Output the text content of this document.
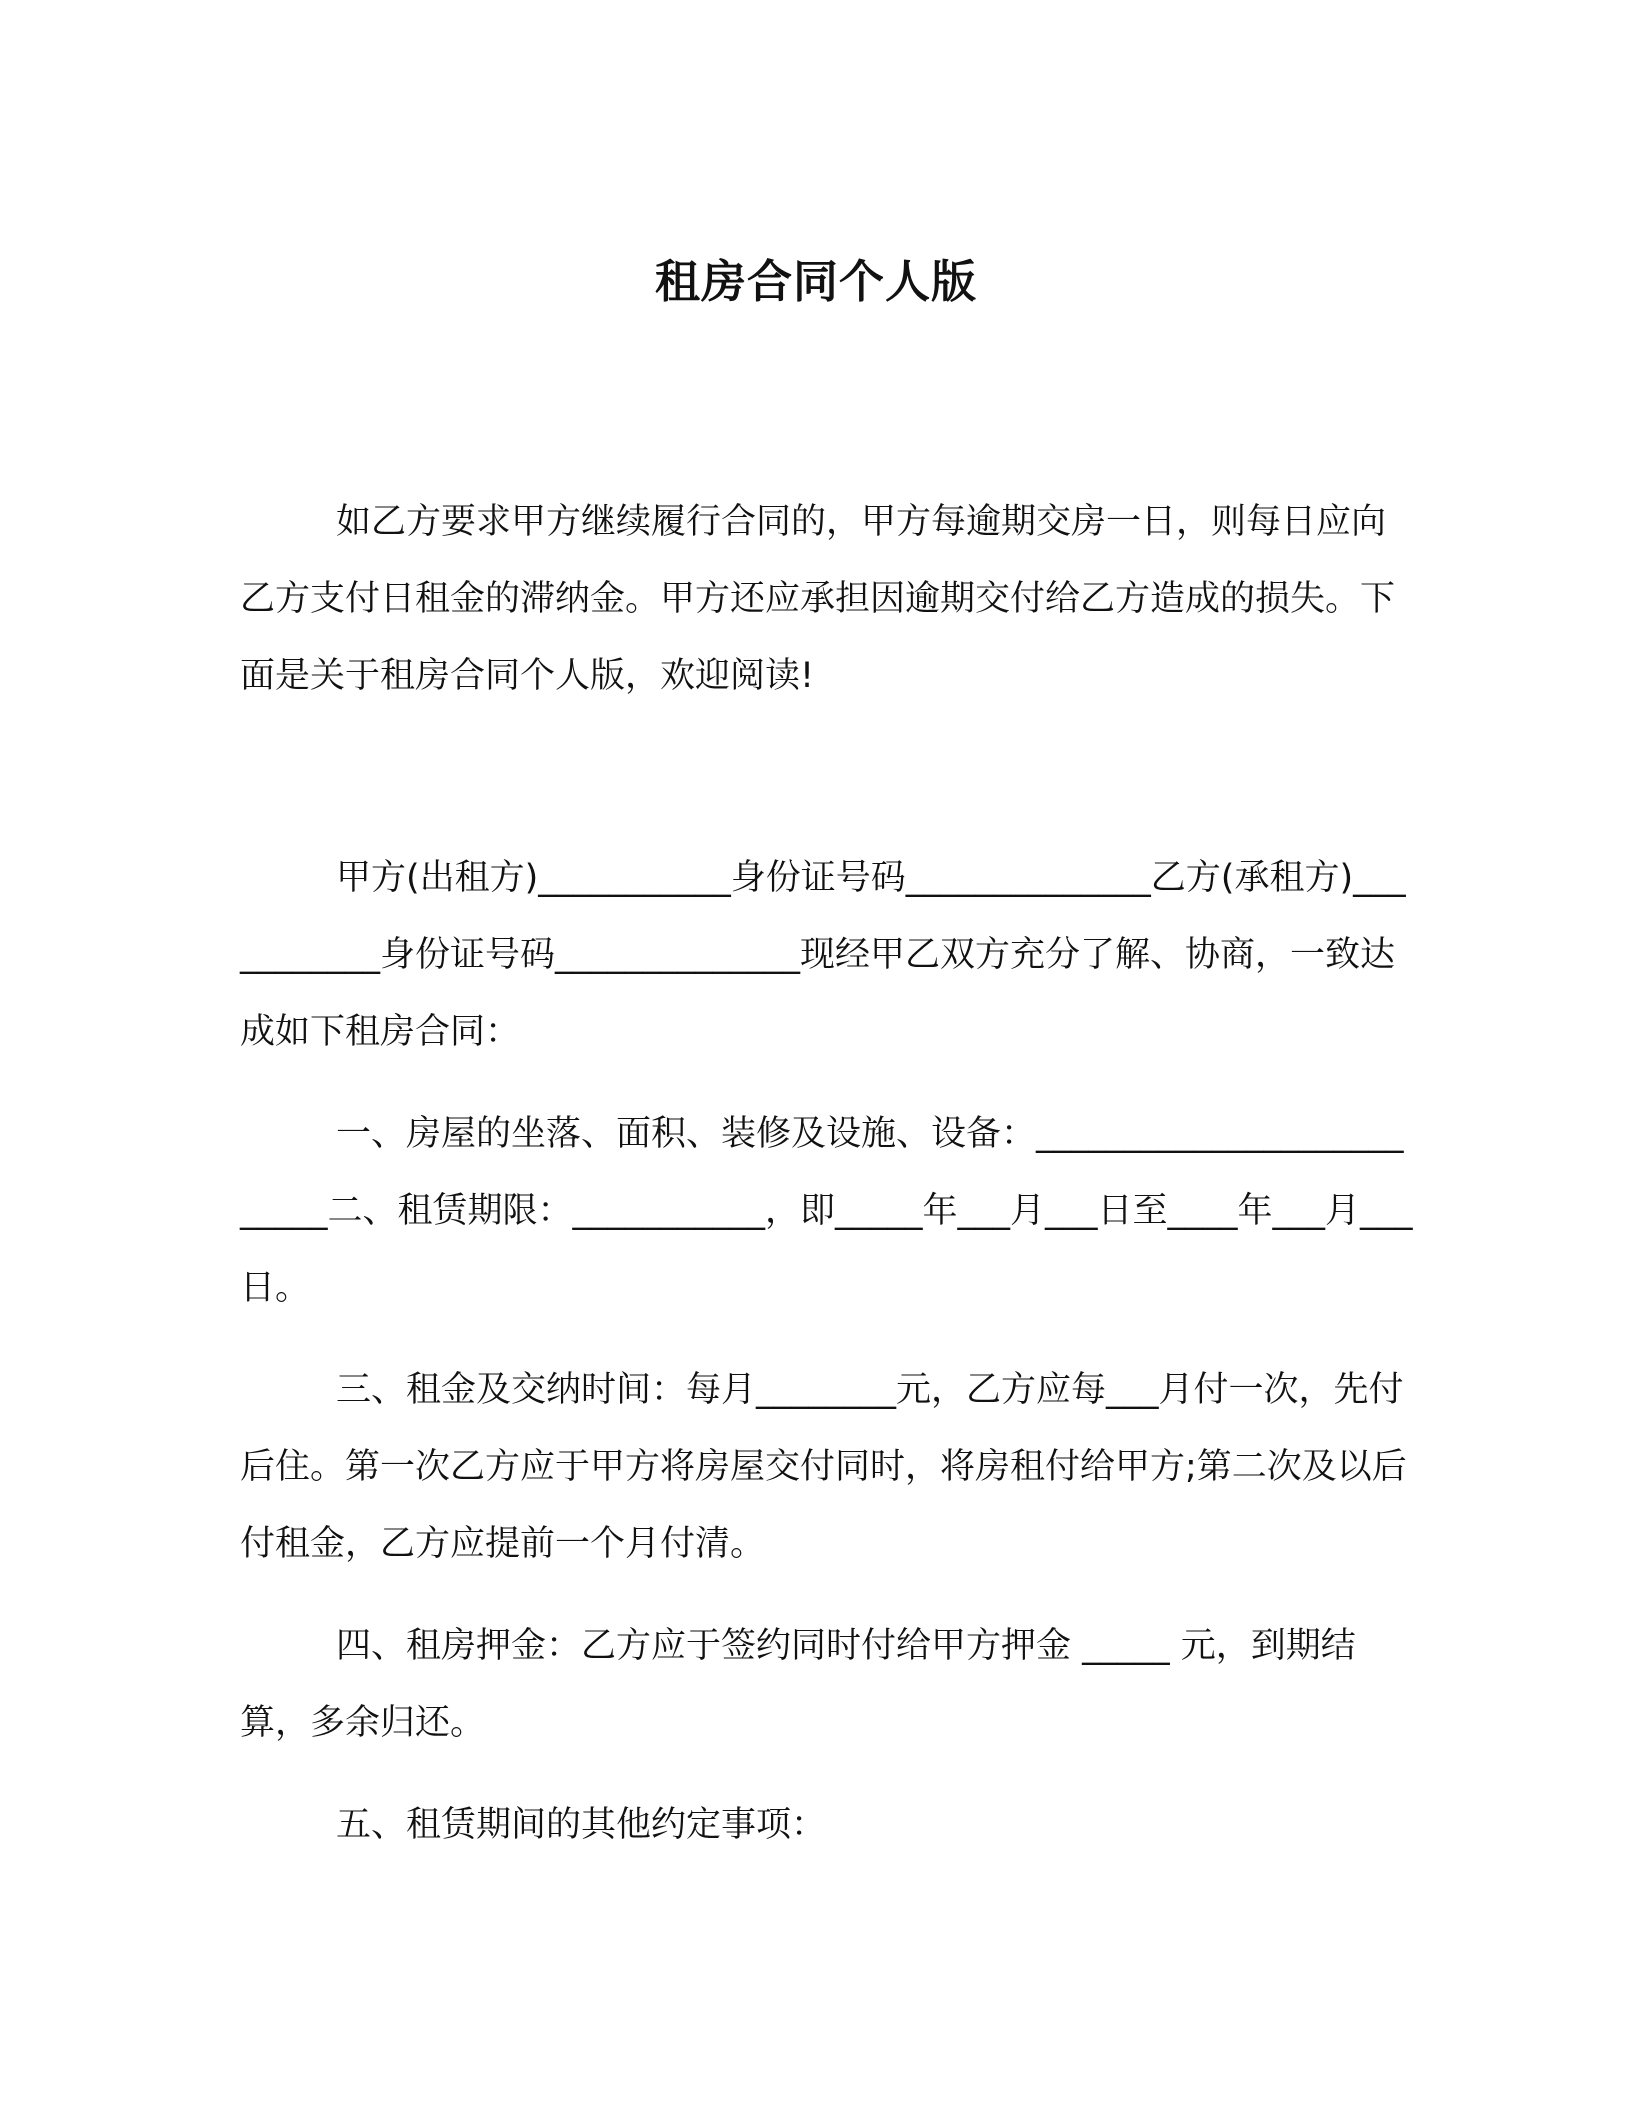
租房合同个人版

如乙方要求甲方继续履行合同的，甲方每逾期交房一日，则每日应向乙方支付日租金的滞纳金。甲方还应承担因逾期交付给乙方造成的损失。下面是关于租房合同个人版，欢迎阅读!

甲方(出租方)___________身份证号码______________乙方(承租方)___________身份证号码______________现经甲乙双方充分了解、协商，一致达成如下租房合同：

一、房屋的坐落、面积、装修及设施、设备：__________________________二、租赁期限：___________，即_____年___月___日至____年___月___日。

三、租金及交纳时间：每月________元，乙方应每___月付一次，先付后住。第一次乙方应于甲方将房屋交付同时，将房租付给甲方;第二次及以后付租金，乙方应提前一个月付清。

四、租房押金：乙方应于签约同时付给甲方押金 _____ 元，到期结算，多余归还。

五、租赁期间的其他约定事项：
